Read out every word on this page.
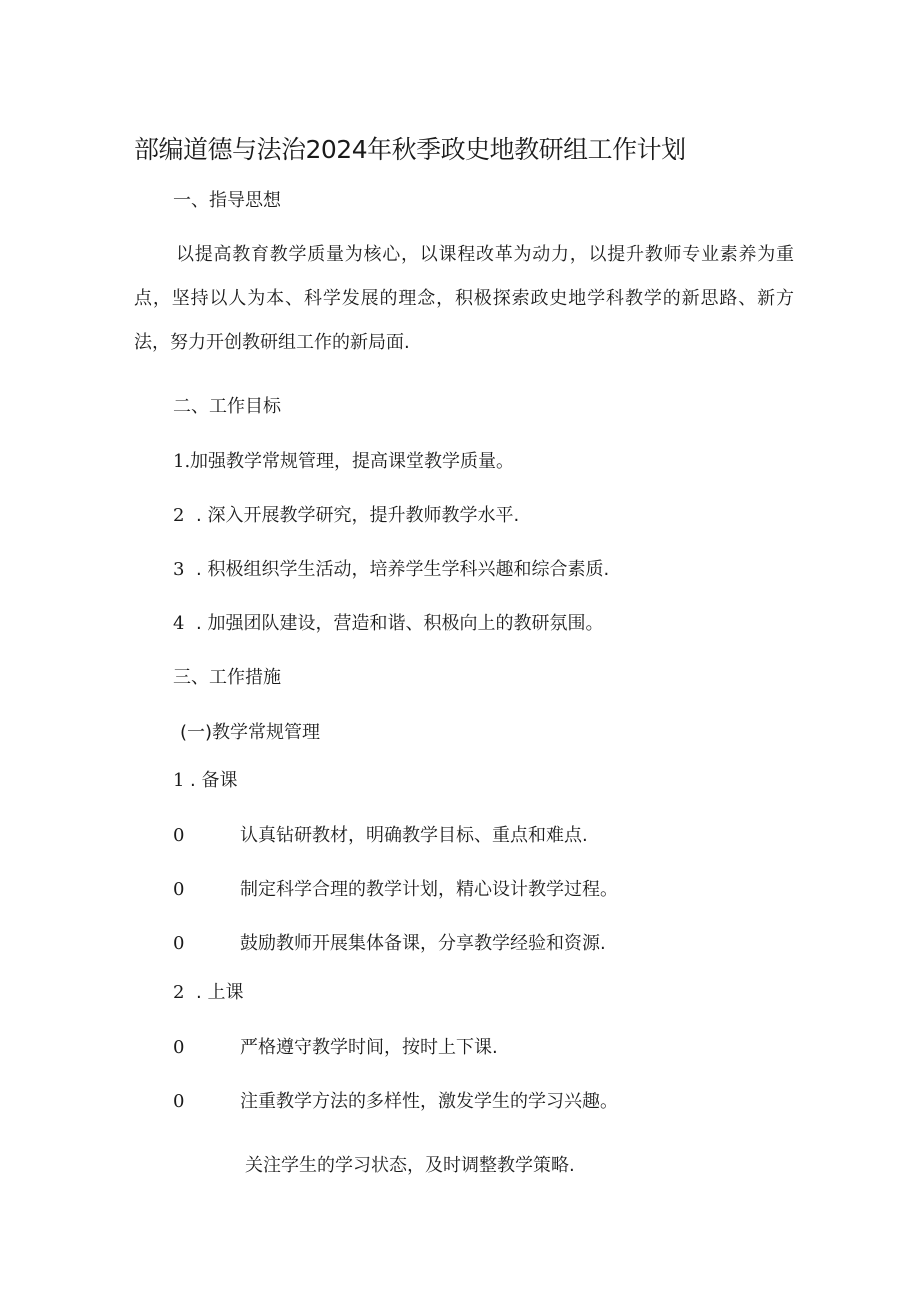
部编道德与法治2024年秋季政史地教研组工作计划
一、指导思想
以提高教育教学质量为核心，以课程改革为动力，以提升教师专业素养为重点，坚持以人为本、科学发展的理念，积极探索政史地学科教学的新思路、新方法，努力开创教研组工作的新局面.
二、工作目标
1. 加强教学常规管理，提高课堂教学质量。
2 . 深入开展教学研究，提升教师教学水平.
3 . 积极组织学生活动，培养学生学科兴趣和综合素质.
4 . 加强团队建设，营造和谐、积极向上的教研氛围。
三、工作措施
(一)教学常规管理
1 . 备课
0	认真钻研教材，明确教学目标、重点和难点.
0	制定科学合理的教学计划，精心设计教学过程。
0	鼓励教师开展集体备课，分享教学经验和资源.
2 . 上课
0	严格遵守教学时间，按时上下课.
0	注重教学方法的多样性，激发学生的学习兴趣。
关注学生的学习状态，及时调整教学策略.
